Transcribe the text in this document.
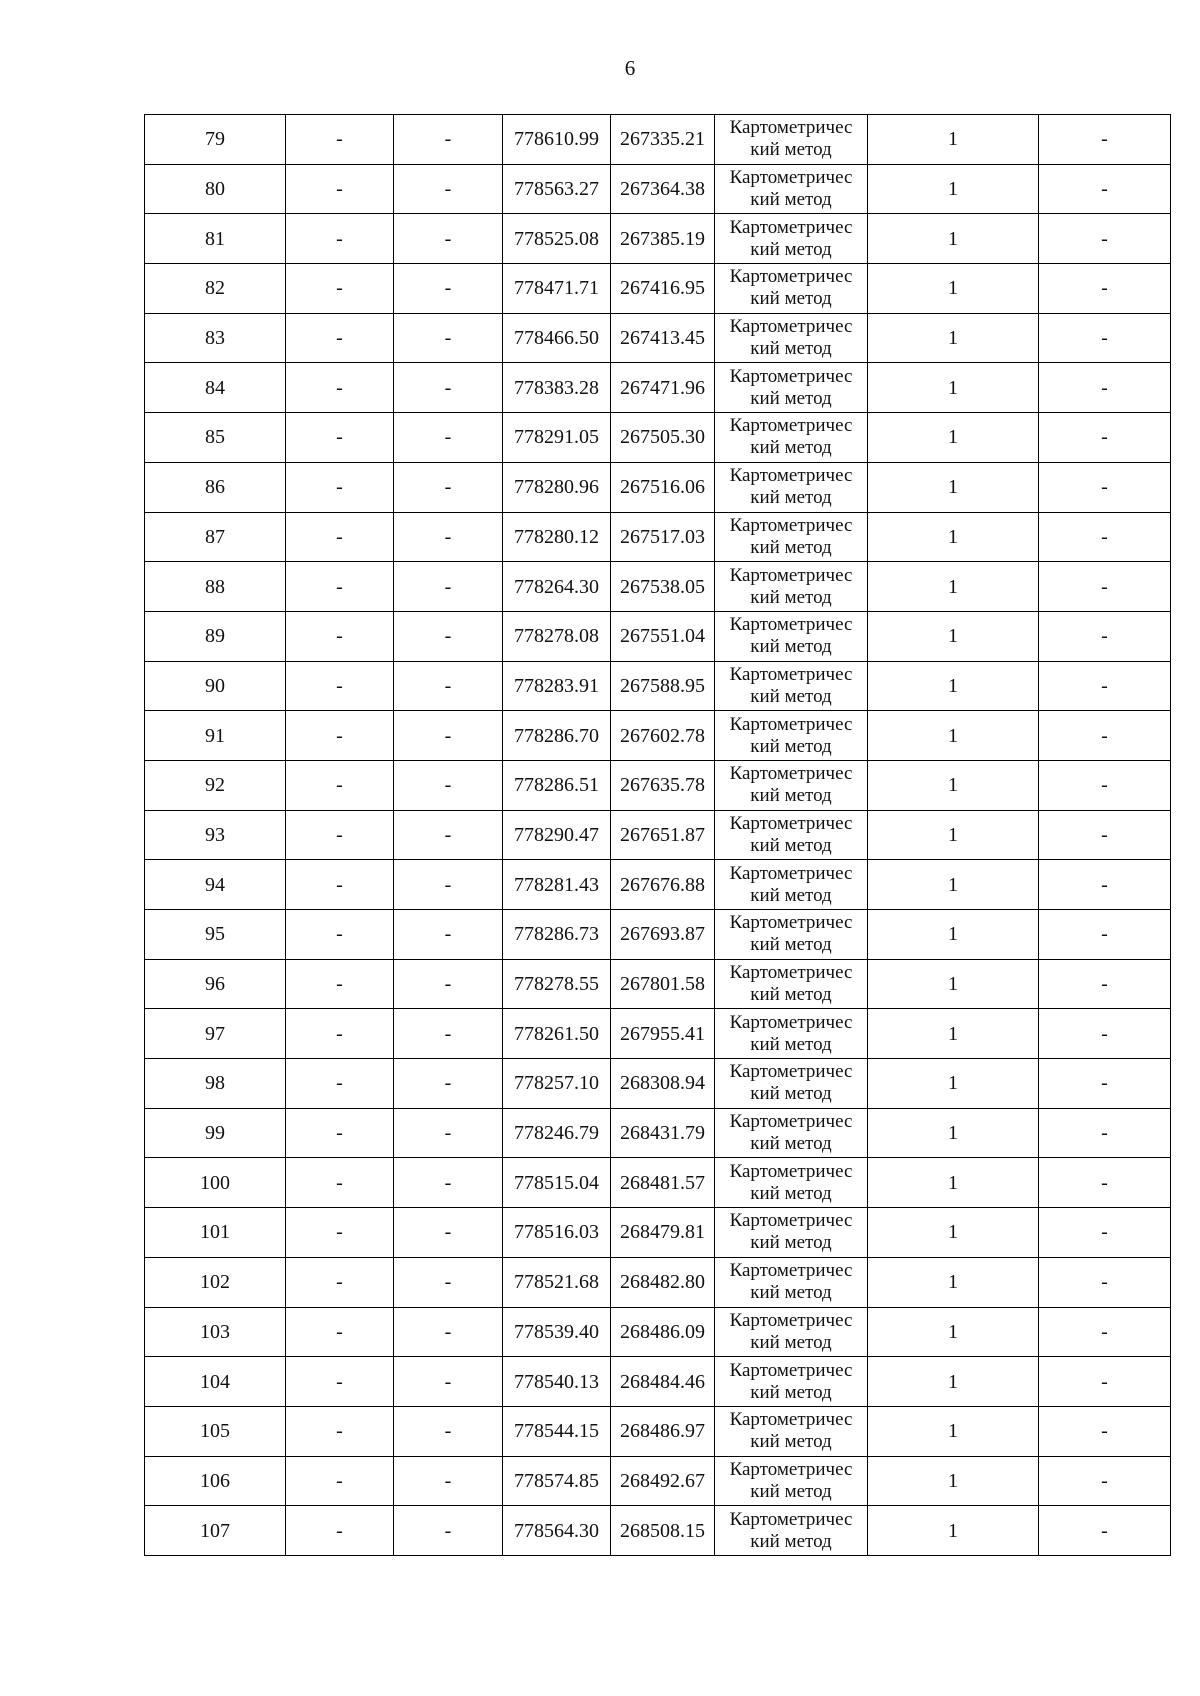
6
79	-	-	778610.99	267335.21	Картометричес
кий метод	1	-
80	-	-	778563.27	267364.38	Картометричес
кий метод	1	-
81	-	-	778525.08	267385.19	Картометричес
кий метод	1	-
82	-	-	778471.71	267416.95	Картометричес
кий метод	1	-
83	-	-	778466.50	267413.45	Картометричес
кий метод	1	-
84	-	-	778383.28	267471.96	Картометричес
кий метод	1	-
85	-	-	778291.05	267505.30	Картометричес
кий метод	1	-
86	-	-	778280.96	267516.06	Картометричес
кий метод	1	-
87	-	-	778280.12	267517.03	Картометричес
кий метод	1	-
88	-	-	778264.30	267538.05	Картометричес
кий метод	1	-
89	-	-	778278.08	267551.04	Картометричес
кий метод	1	-
90	-	-	778283.91	267588.95	Картометричес
кий метод	1	-
91	-	-	778286.70	267602.78	Картометричес
кий метод	1	-
92	-	-	778286.51	267635.78	Картометричес
кий метод	1	-
93	-	-	778290.47	267651.87	Картометричес
кий метод	1	-
94	-	-	778281.43	267676.88	Картометричес
кий метод	1	-
95	-	-	778286.73	267693.87	Картометричес
кий метод	1	-
96	-	-	778278.55	267801.58	Картометричес
кий метод	1	-
97	-	-	778261.50	267955.41	Картометричес
кий метод	1	-
98	-	-	778257.10	268308.94	Картометричес
кий метод	1	-
99	-	-	778246.79	268431.79	Картометричес
кий метод	1	-
100	-	-	778515.04	268481.57	Картометричес
кий метод	1	-
101	-	-	778516.03	268479.81	Картометричес
кий метод	1	-
102	-	-	778521.68	268482.80	Картометричес
кий метод	1	-
103	-	-	778539.40	268486.09	Картометричес
кий метод	1	-
104	-	-	778540.13	268484.46	Картометричес
кий метод	1	-
105	-	-	778544.15	268486.97	Картометричес
кий метод	1	-
106	-	-	778574.85	268492.67	Картометричес
кий метод	1	-
107	-	-	778564.30	268508.15	Картометричес
кий метод	1	-
